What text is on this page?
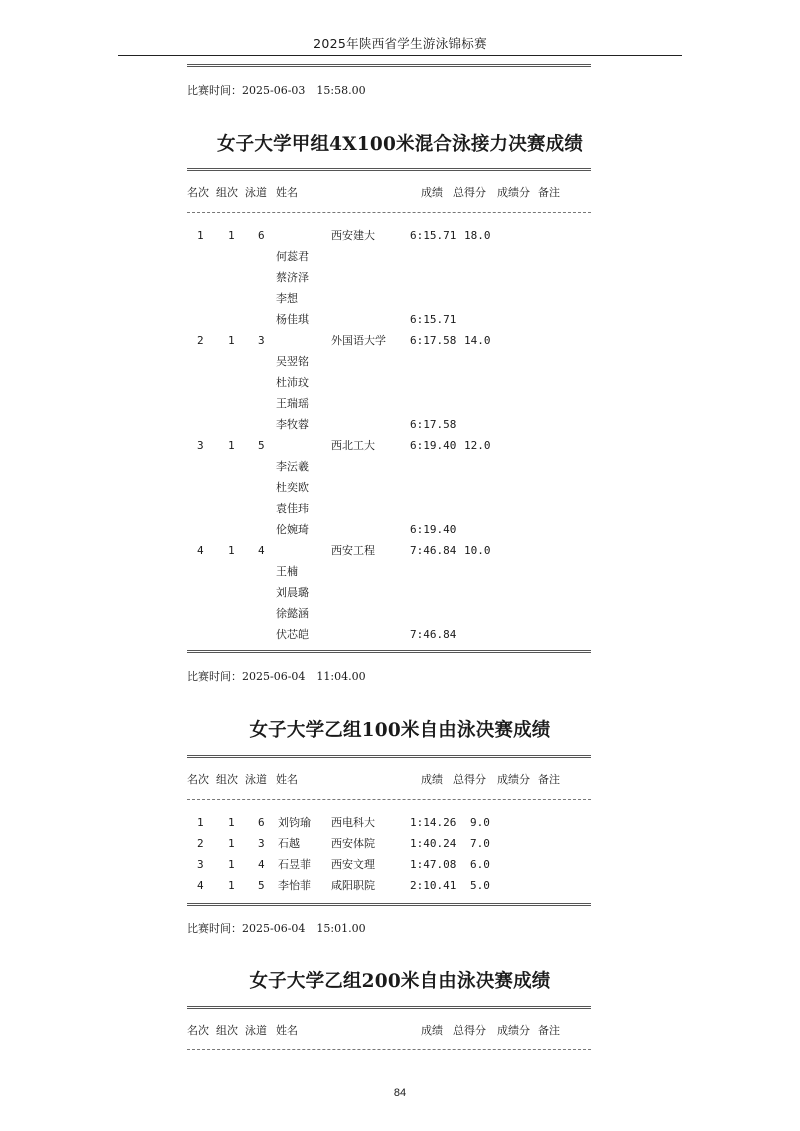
2025年陕西省学生游泳锦标赛
比赛时间：2025-06-03　15:58.00
女子大学甲组4X100米混合泳接力决赛成绩
名次 组次 泳道 姓名	成绩 总得分 成绩分 备注
1 1 6	西安建大	6:15.71 18.0
何蕊君
蔡济泽
李想
杨佳琪	6:15.71
2 1 3	外国语大学 6:17.58 14.0
吴翌铭
杜沛玟
王瑞瑶
李牧蓉	6:17.58
3 1 5	西北工大	6:19.40 12.0
李沄羲
杜奕欧
袁佳玮
伦婉琦	6:19.40
4 1 4	西安工程	7:46.84 10.0
王楠
刘晨璐
徐懿涵
伏芯皑	7:46.84
比赛时间：2025-06-04　11:04.00
女子大学乙组100米自由泳决赛成绩
名次 组次 泳道 姓名	成绩 总得分 成绩分 备注
1 1 6 刘钧瑜 西电科大	1:14.26 9.0
2 1 3 石越	西安体院	1:40.24 7.0
3 1 4 石昱菲 西安文理	1:47.08 6.0
4 1 5 李怡菲 咸阳职院	2:10.41 5.0
比赛时间：2025-06-04　15:01.00
女子大学乙组200米自由泳决赛成绩
名次 组次 泳道 姓名	成绩 总得分 成绩分 备注
84
